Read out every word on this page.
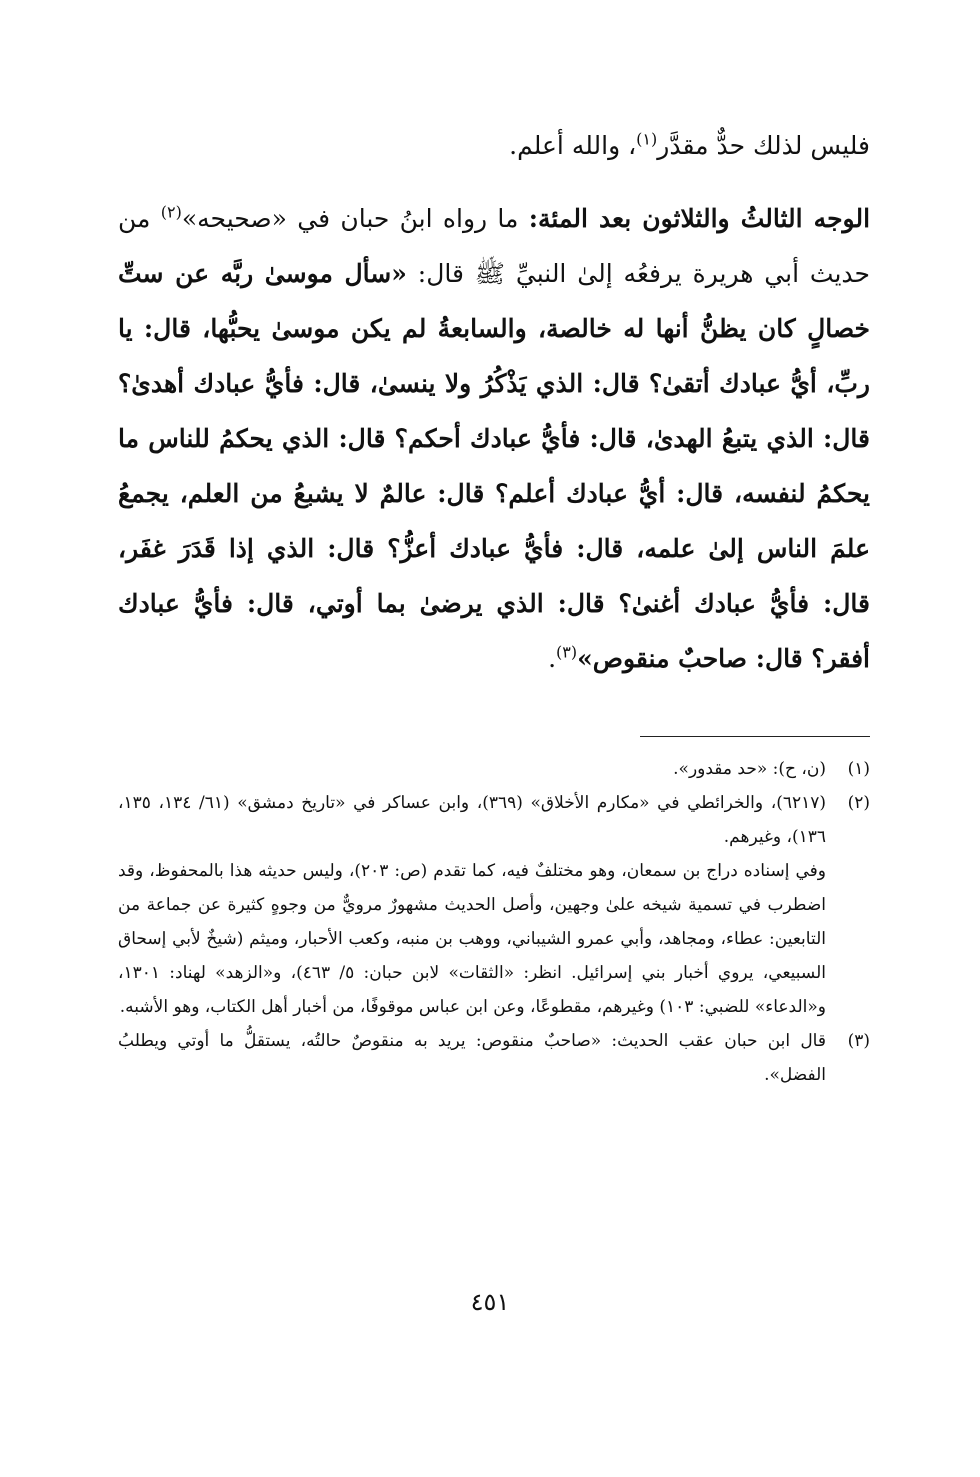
فليس لذلك حدٌّ مقدَّر$^{(١)}$، والله أعلم.

الوجه الثالثُ والثلاثون بعد المئة: ما رواه ابنُ حبان في «صحيحه»$^{(٢)}$ من حديث أبي هريرة يرفعُه إلىٰ النبيِّ ﷺ قال: «سأل موسىٰ ربَّه عن ستِّ خصالٍ كان يظنُّ أنها له خالصة، والسابعةُ لم يكن موسىٰ يحبُّها، قال: يا ربِّ، أيُّ عبادك أتقىٰ؟ قال: الذي يَذْكُرُ ولا ينسىٰ، قال: فأيُّ عبادك أهدىٰ؟ قال: الذي يتبعُ الهدىٰ، قال: فأيُّ عبادك أحكم؟ قال: الذي يحكمُ للناس ما يحكمُ لنفسه، قال: أيُّ عبادك أعلم؟ قال: عالمٌ لا يشبعُ من العلم، يجمعُ علمَ الناس إلىٰ علمه، قال: فأيُّ عبادك أعزُّ؟ قال: الذي إذا قَدَرَ غفَر، قال: فأيُّ عبادك أغنىٰ؟ قال: الذي يرضىٰ بما أوتي، قال: فأيُّ عبادك أفقر؟ قال: صاحبٌ منقوص»$^{(٣)}$.

(١)

(ن، ح): «حد مقدور».

(٢)

(٦٢١٧)، والخرائطي في «مكارم الأخلاق» (٣٦٩)، وابن عساكر في «تاريخ دمشق» (٦١/ ١٣٤، ١٣٥، ١٣٦)، وغيرهم.

وفي إسناده دراج بن سمعان، وهو مختلفٌ فيه، كما تقدم (ص: ٢٠٣)، وليس حديثه هذا بالمحفوظ، وقد اضطرب في تسمية شيخه علىٰ وجهين، وأصل الحديث مشهورٌ مرويٌّ من وجوهٍ كثيرة عن جماعة من التابعين: عطاء، ومجاهد، وأبي عمرو الشيباني، ووهب بن منبه، وكعب الأحبار، وميثم (شيخٌ لأبي إسحاق السبيعي، يروي أخبار بني إسرائيل. انظر: «الثقات» لابن حبان: ٥/ ٤٦٣)، و«الزهد» لهناد: ١٣٠١، و«الدعاء» للضبي: ١٠٣) وغيرهم، مقطوعًا، وعن ابن عباس موقوفًا، من أخبار أهل الكتاب، وهو الأشبه.

(٣)

قال ابن حبان عقب الحديث: «صاحبٌ منقوص: يريد به منقوصٌ حالتُه، يستقلُّ ما أوتي ويطلبُ الفضل».

٤٥١
